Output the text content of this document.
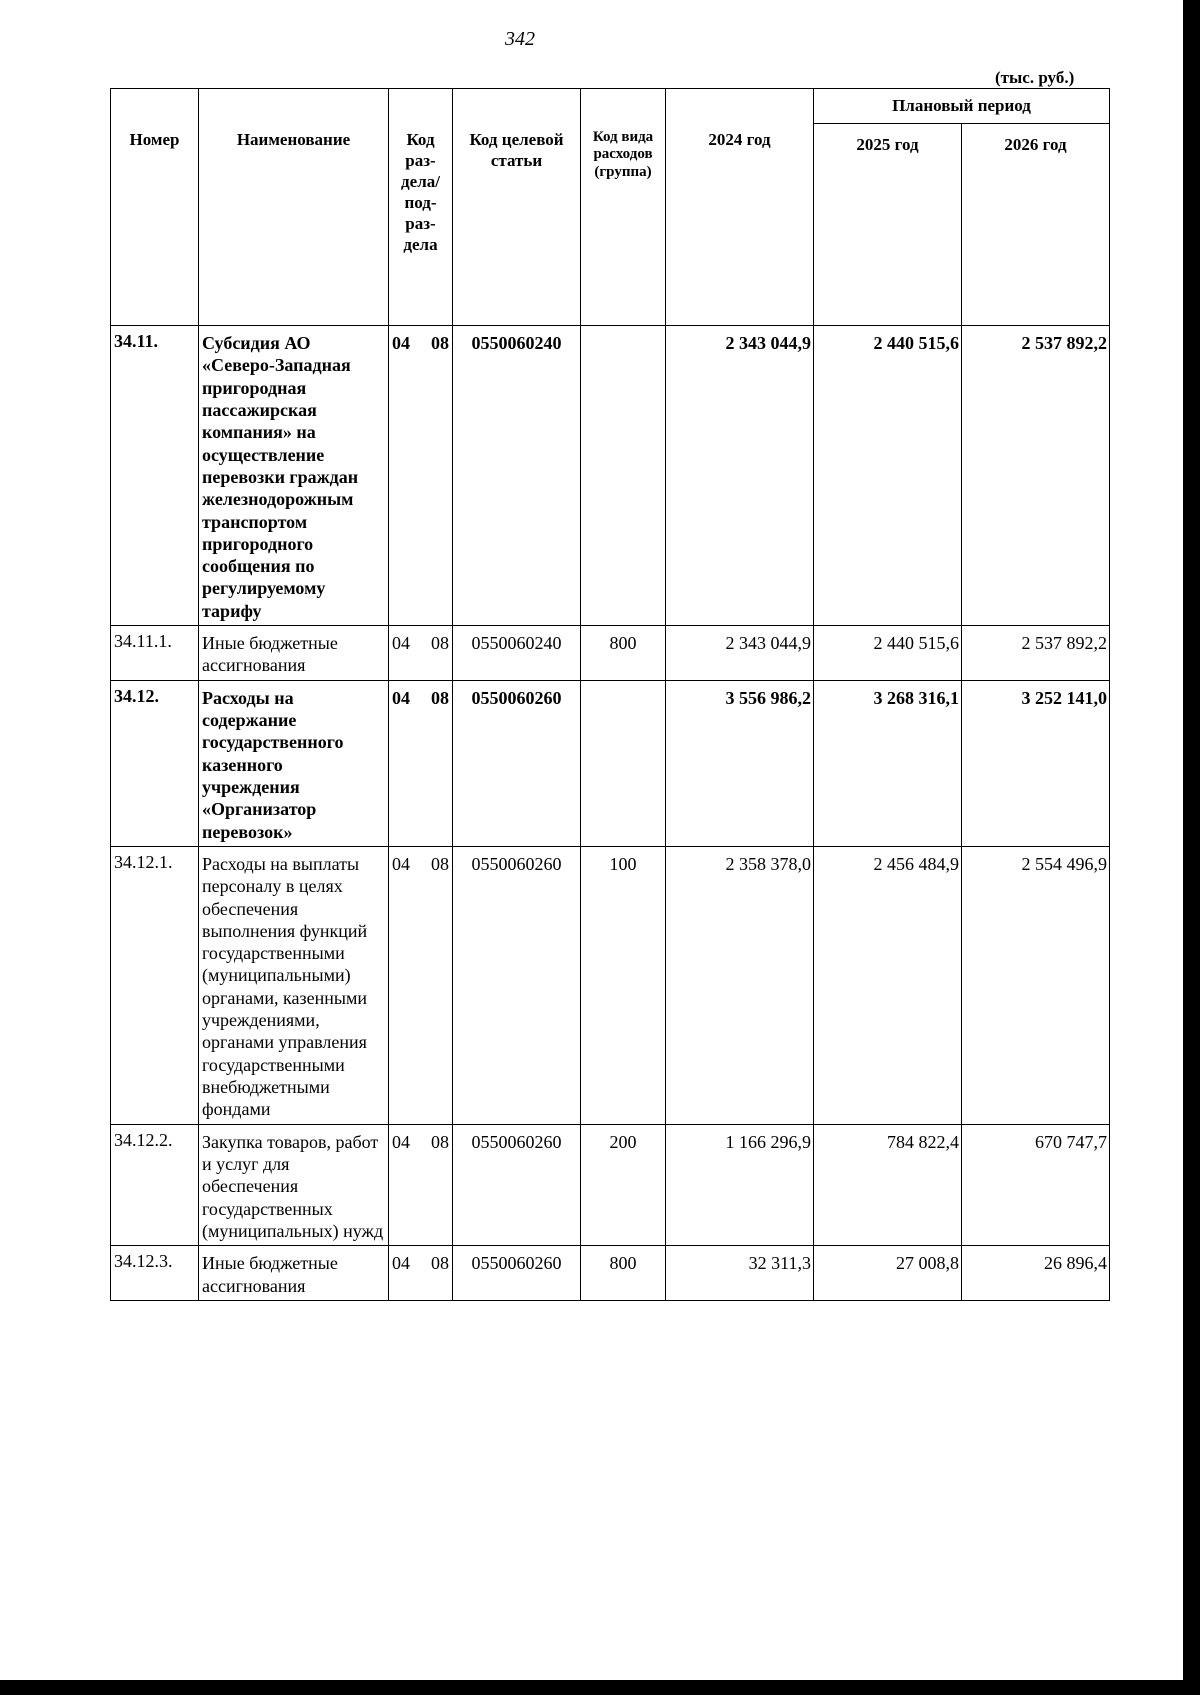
342
(тыс. руб.)
Номер	Наименование	Код раз- дела/ под- раз- дела	Код целевой статьи	Код вида расходов (группа)	2024 год	Плановый период	
						2025 год	2026 год
34.11.	Субсидия АО «Северо-Западная пригородная пассажирская компания» на осуществление перевозки граждан железнодорожным транспортом пригородного сообщения по регулируемому тарифу	04 08	0550060240		2 343 044,9	2 440 515,6	2 537 892,2
34.11.1.	Иные бюджетные ассигнования	04 08	0550060240	800	2 343 044,9	2 440 515,6	2 537 892,2
34.12.	Расходы на содержание государственного казенного учреждения «Организатор перевозок»	04 08	0550060260		3 556 986,2	3 268 316,1	3 252 141,0
34.12.1.	Расходы на выплаты персоналу в целях обеспечения выполнения функций государственными (муниципальными) органами, казенными учреждениями, органами управления государственными внебюджетными фондами	04 08	0550060260	100	2 358 378,0	2 456 484,9	2 554 496,9
34.12.2.	Закупка товаров, работ и услуг для обеспечения государственных (муниципальных) нужд	04 08	0550060260	200	1 166 296,9	784 822,4	670 747,7
34.12.3.	Иные бюджетные ассигнования	04 08	0550060260	800	32 311,3	27 008,8	26 896,4
